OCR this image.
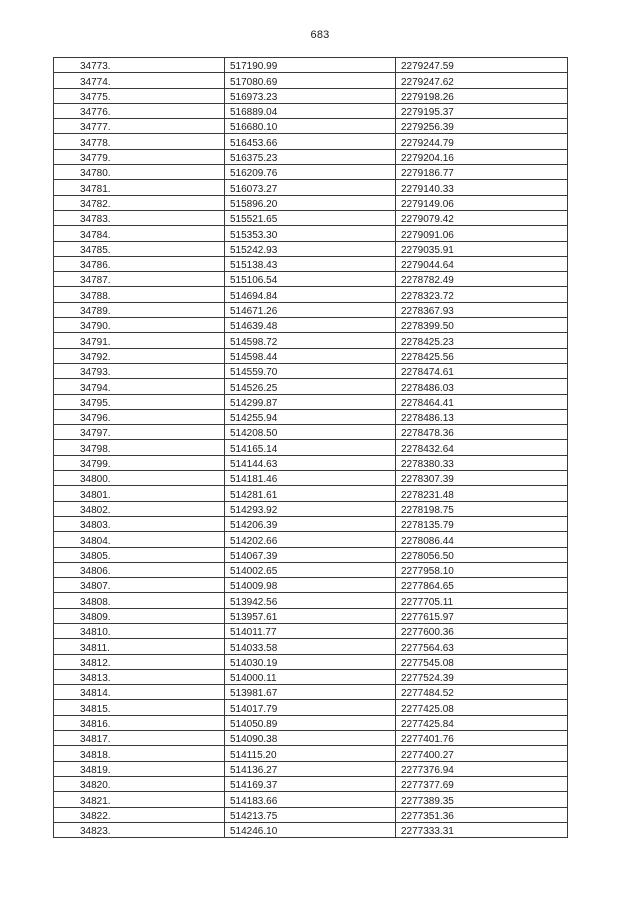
683
34773.	517190.99	2279247.59
34774.	517080.69	2279247.62
34775.	516973.23	2279198.26
34776.	516889.04	2279195.37
34777.	516680.10	2279256.39
34778.	516453.66	2279244.79
34779.	516375.23	2279204.16
34780.	516209.76	2279186.77
34781.	516073.27	2279140.33
34782.	515896.20	2279149.06
34783.	515521.65	2279079.42
34784.	515353.30	2279091.06
34785.	515242.93	2279035.91
34786.	515138.43	2279044.64
34787.	515106.54	2278782.49
34788.	514694.84	2278323.72
34789.	514671.26	2278367.93
34790.	514639.48	2278399.50
34791.	514598.72	2278425.23
34792.	514598.44	2278425.56
34793.	514559.70	2278474.61
34794.	514526.25	2278486.03
34795.	514299.87	2278464.41
34796.	514255.94	2278486.13
34797.	514208.50	2278478.36
34798.	514165.14	2278432.64
34799.	514144.63	2278380.33
34800.	514181.46	2278307.39
34801.	514281.61	2278231.48
34802.	514293.92	2278198.75
34803.	514206.39	2278135.79
34804.	514202.66	2278086.44
34805.	514067.39	2278056.50
34806.	514002.65	2277958.10
34807.	514009.98	2277864.65
34808.	513942.56	2277705.11
34809.	513957.61	2277615.97
34810.	514011.77	2277600.36
34811.	514033.58	2277564.63
34812.	514030.19	2277545.08
34813.	514000.11	2277524.39
34814.	513981.67	2277484.52
34815.	514017.79	2277425.08
34816.	514050.89	2277425.84
34817.	514090.38	2277401.76
34818.	514115.20	2277400.27
34819.	514136.27	2277376.94
34820.	514169.37	2277377.69
34821.	514183.66	2277389.35
34822.	514213.75	2277351.36
34823.	514246.10	2277333.31
